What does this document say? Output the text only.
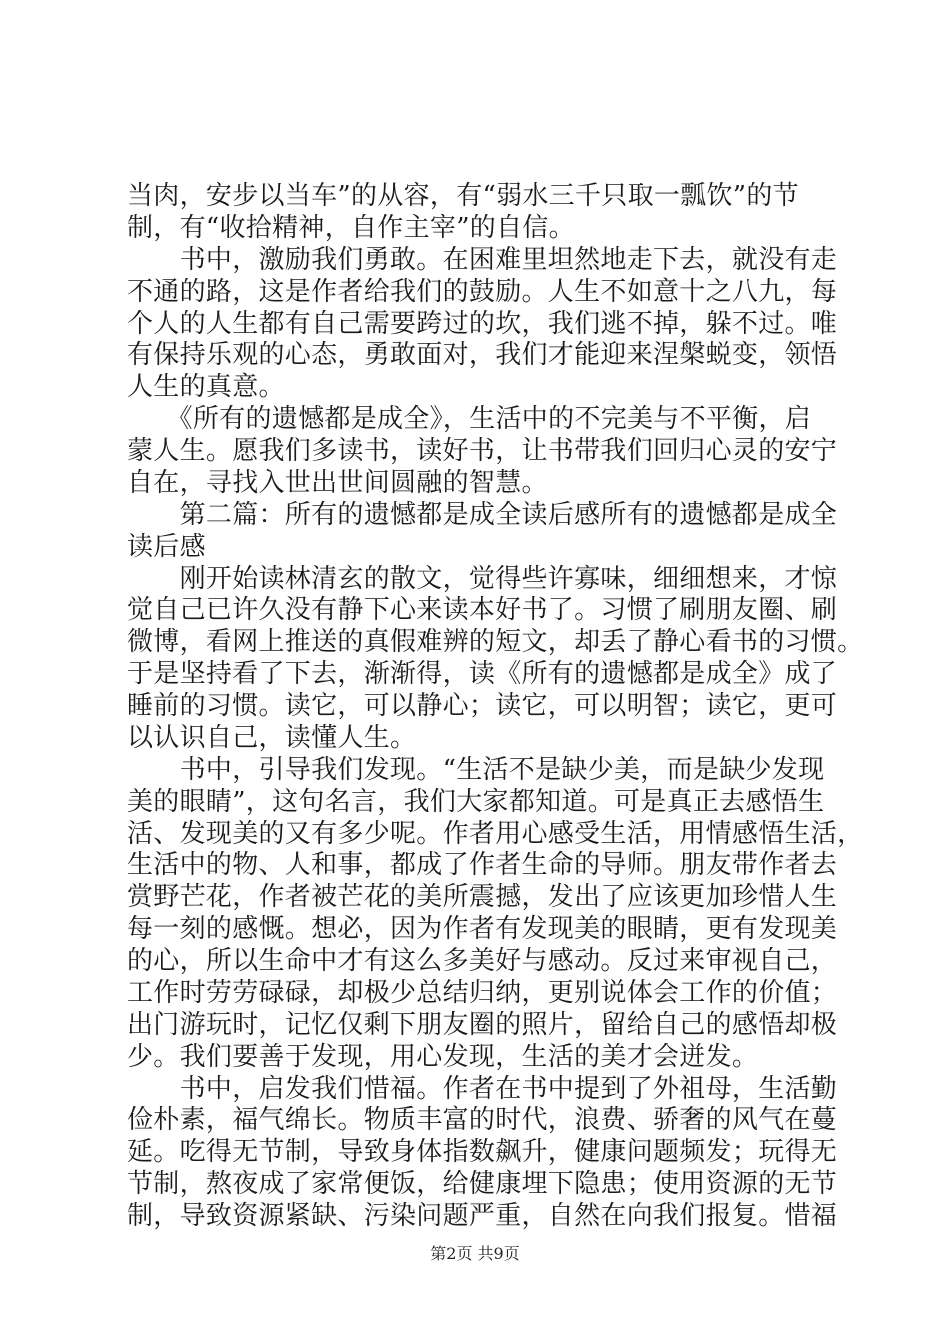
当肉，安步以当车”的从容，有“弱水三千只取一瓢饮”的节
制，有“收拾精神，自作主宰”的自信。
　　书中，激励我们勇敢。在困难里坦然地走下去，就没有走
不通的路，这是作者给我们的鼓励。人生不如意十之八九，每
个人的人生都有自己需要跨过的坎，我们逃不掉，躲不过。唯
有保持乐观的心态，勇敢面对，我们才能迎来涅槃蜕变，领悟
人生的真意。
　　《所有的遗憾都是成全》，生活中的不完美与不平衡，启
蒙人生。愿我们多读书，读好书，让书带我们回归心灵的安宁
自在，寻找入世出世间圆融的智慧。
　　第二篇：所有的遗憾都是成全读后感所有的遗憾都是成全
读后感
　　刚开始读林清玄的散文，觉得些许寡味，细细想来，才惊
觉自己已许久没有静下心来读本好书了。习惯了刷朋友圈、刷
微博，看网上推送的真假难辨的短文，却丢了静心看书的习惯。
于是坚持看了下去，渐渐得，读《所有的遗憾都是成全》成了
睡前的习惯。读它，可以静心；读它，可以明智；读它，更可
以认识自己，读懂人生。
　　书中，引导我们发现。“生活不是缺少美，而是缺少发现
美的眼睛”，这句名言，我们大家都知道。可是真正去感悟生
活、发现美的又有多少呢。作者用心感受生活，用情感悟生活，
生活中的物、人和事，都成了作者生命的导师。朋友带作者去
赏野芒花，作者被芒花的美所震撼，发出了应该更加珍惜人生
每一刻的感慨。想必，因为作者有发现美的眼睛，更有发现美
的心，所以生命中才有这么多美好与感动。反过来审视自己，
工作时劳劳碌碌，却极少总结归纳，更别说体会工作的价值；
出门游玩时，记忆仅剩下朋友圈的照片，留给自己的感悟却极
少。我们要善于发现，用心发现，生活的美才会迸发。
　　书中，启发我们惜福。作者在书中提到了外祖母，生活勤
俭朴素，福气绵长。物质丰富的时代，浪费、骄奢的风气在蔓
延。吃得无节制，导致身体指数飙升，健康问题频发；玩得无
节制，熬夜成了家常便饭，给健康埋下隐患；使用资源的无节
制，导致资源紧缺、污染问题严重，自然在向我们报复。惜福
第2页 共9页
